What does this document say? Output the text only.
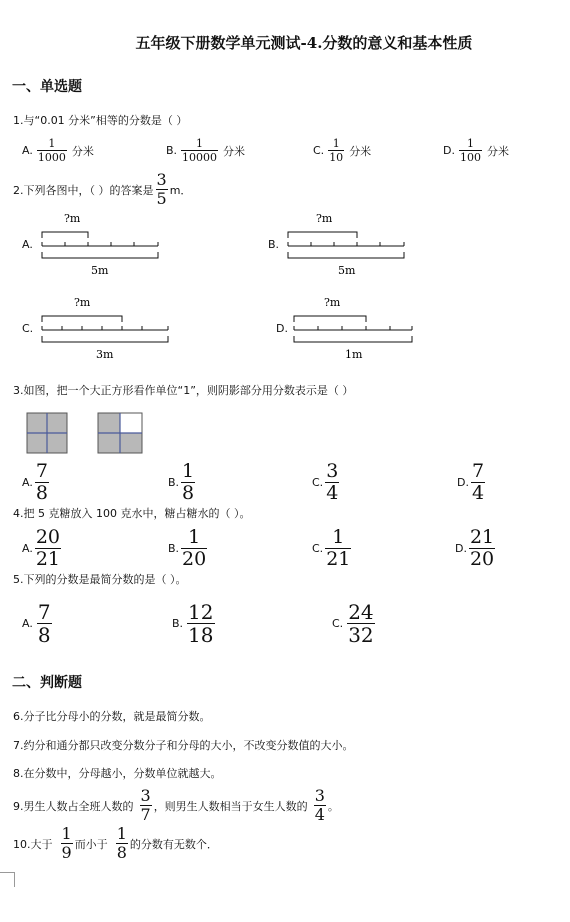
五年级下册数学单元测试-4.分数的意义和基本性质
一、单选题
1.与“0.01 分米”相等的分数是（ ）
A. $\frac{1}{1000}$ 分米	B. $\frac{1}{10000}$ 分米	C. $\frac{1}{10}$ 分米	D. $\frac{1}{100}$ 分米
2.下列各图中，（ ）的答案是 $\frac{3}{5}$ m．
A.
?m
5m
B.
?m
5m
C.
?m
3m
D.
?m
1m
3.如图，把一个大正方形看作单位“1”，则阴影部分用分数表示是（ ）
A. $\frac{7}{8}$	B. $\frac{1}{8}$	C. $\frac{3}{4}$	D. $\frac{7}{4}$
4.把 5 克糖放入 100 克水中，糖占糖水的（ ）。
A. $\frac{20}{21}$	B. $\frac{1}{20}$	C. $\frac{1}{21}$	D. $\frac{21}{20}$
5.下列的分数是最简分数的是（ ）。
A. $\frac{7}{8}$	B. $\frac{12}{18}$	C. $\frac{24}{32}$
二、判断题
6.分子比分母小的分数，就是最简分数。
7.约分和通分都只改变分数分子和分母的大小，不改变分数值的大小。
8.在分数中，分母越小，分数单位就越大。
9.男生人数占全班人数的 $\frac{3}{7}$ ，则男生人数相当于女生人数的 $\frac{3}{4}$ 。
10.大于 $\frac{1}{9}$ 而小于 $\frac{1}{8}$ 的分数有无数个．
